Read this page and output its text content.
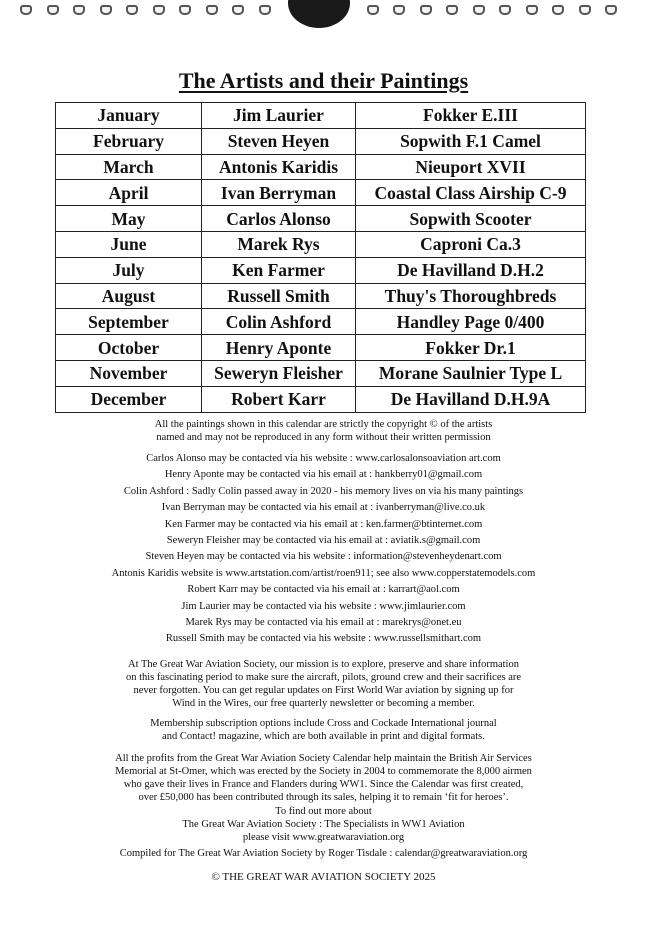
The Artists and their Paintings
January	Jim Laurier	Fokker E.III
February	Steven Heyen	Sopwith F.1 Camel
March	Antonis Karidis	Nieuport XVII
April	Ivan Berryman	Coastal Class Airship C-9
May	Carlos Alonso	Sopwith Scooter
June	Marek Rys	Caproni Ca.3
July	Ken Farmer	De Havilland D.H.2
August	Russell Smith	Thuy's Thoroughbreds
September	Colin Ashford	Handley Page 0/400
October	Henry Aponte	Fokker Dr.1
November	Seweryn Fleisher	Morane Saulnier Type L
December	Robert Karr	De Havilland D.H.9A
All the paintings shown in this calendar are strictly the copyright © of the artists
named and may not be reproduced in any form without their written permission
Carlos Alonso may be contacted via his website : www.carlosalonsoaviation art.com
Henry Aponte may be contacted via his email at : hankberry01@gmail.com
Colin Ashford : Sadly Colin passed away in 2020 - his memory lives on via his many paintings
Ivan Berryman may be contacted via his email at : ivanberryman@live.co.uk
Ken Farmer may be contacted via his email at : ken.farmer@btinternet.com
Seweryn Fleisher may be contacted via his email at : aviatik.s@gmail.com
Steven Heyen may be contacted via his website : information@stevenheydenart.com
Antonis Karidis website is www.artstation.com/artist/roen911; see also www.copperstatemodels.com
Robert Karr may be contacted via his email at : karrart@aol.com
Jim Laurier may be contacted via his website : www.jimlaurier.com
Marek Rys may be contacted via his email at : marekrys@onet.eu
Russell Smith may be contacted via his website : www.russellsmithart.com
At The Great War Aviation Society, our mission is to explore, preserve and share information
on this fascinating period to make sure the aircraft, pilots, ground crew and their sacrifices are
never forgotten. You can get regular updates on First World War aviation by signing up for
Wind in the Wires, our free quarterly newsletter or becoming a member.
Membership subscription options include Cross and Cockade International journal
and Contact! magazine, which are both available in print and digital formats.
All the profits from the Great War Aviation Society Calendar help maintain the British Air Services
Memorial at St-Omer, which was erected by the Society in 2004 to commemorate the 8,000 airmen
who gave their lives in France and Flanders during WW1. Since the Calendar was first created,
over £50,000 has been contributed through its sales, helping it to remain ‘fit for heroes’.
To find out more about
The Great War Aviation Society : The Specialists in WW1 Aviation
please visit www.greatwaraviation.org
Compiled for The Great War Aviation Society by Roger Tisdale : calendar@greatwaraviation.org
© THE GREAT WAR AVIATION SOCIETY 2025
